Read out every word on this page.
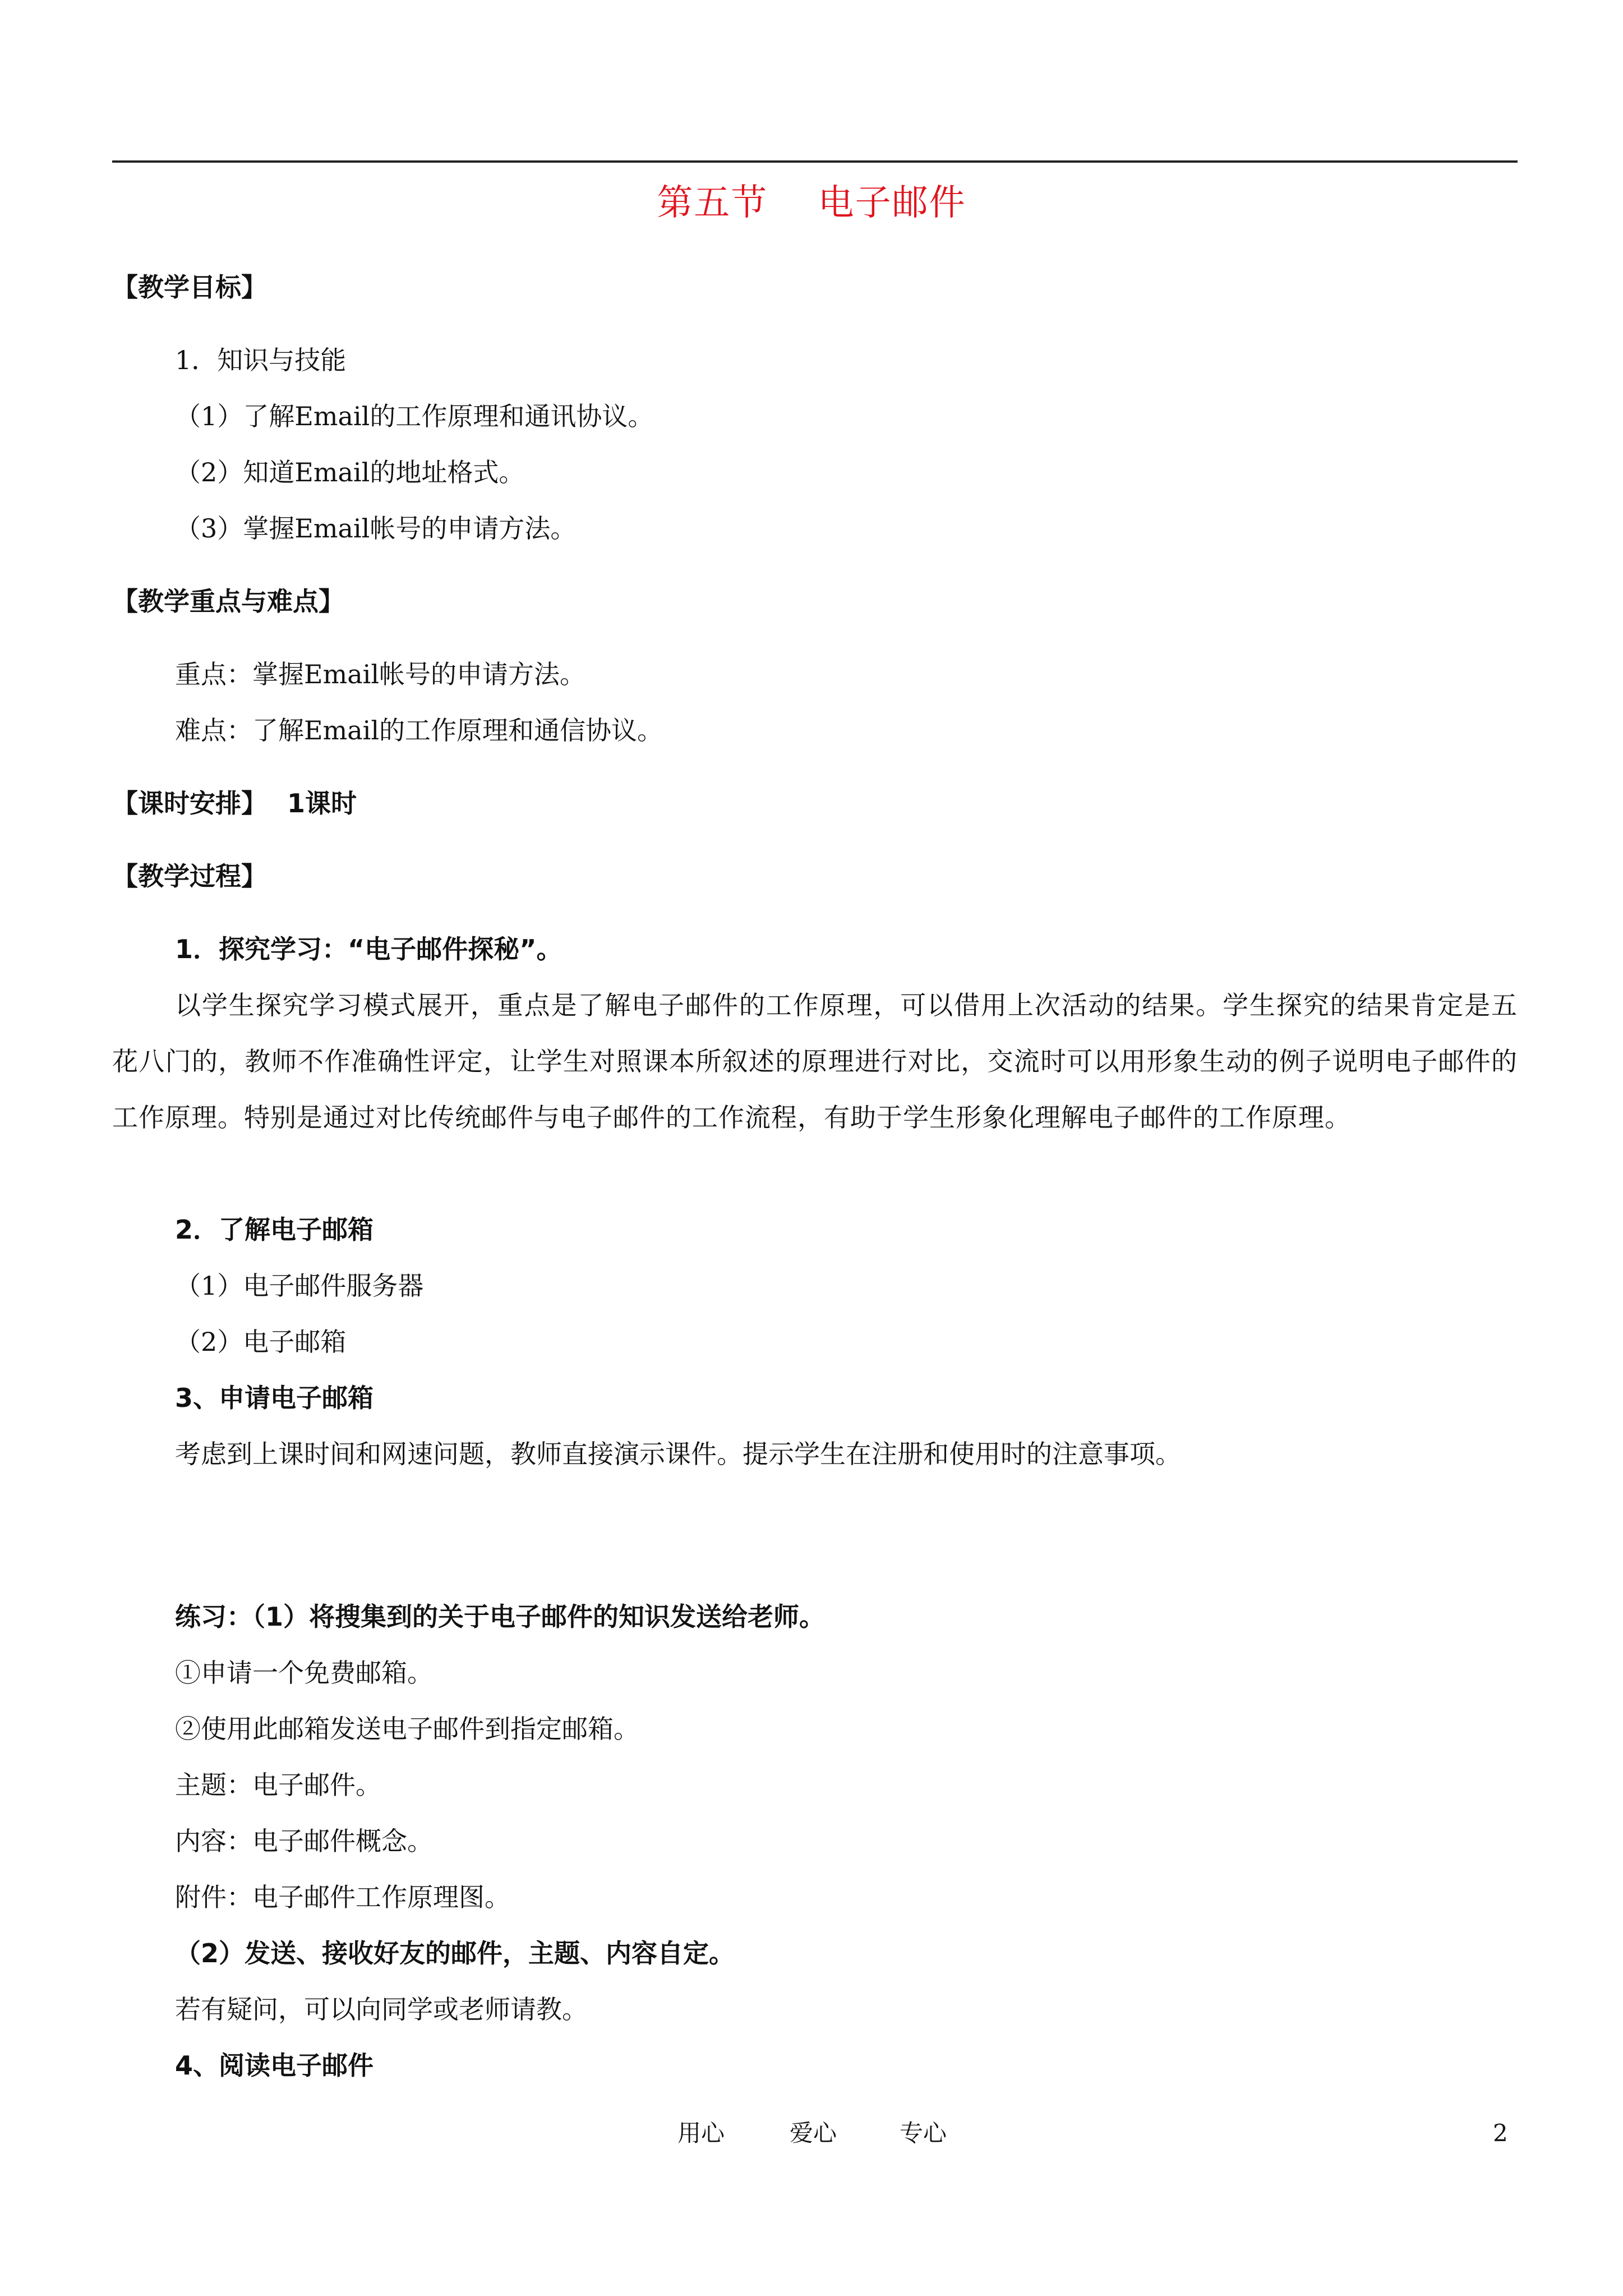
第五节    电子邮件
【教学目标】
1．知识与技能
（1）了解Email的工作原理和通讯协议。
（2）知道Email的地址格式。
（3）掌握Email帐号的申请方法。
【教学重点与难点】
重点：掌握Email帐号的申请方法。
难点：了解Email的工作原理和通信协议。
【课时安排】 1课时
【教学过程】
1．探究学习：“电子邮件探秘”。
以学生探究学习模式展开，重点是了解电子邮件的工作原理，可以借用上次活动的结果。学生探究的结果肯定是五花八门的，教师不作准确性评定，让学生对照课本所叙述的原理进行对比，交流时可以用形象生动的例子说明电子邮件的工作原理。特别是通过对比传统邮件与电子邮件的工作流程，有助于学生形象化理解电子邮件的工作原理。
2．了解电子邮箱
（1）电子邮件服务器
（2）电子邮箱
3、申请电子邮箱
考虑到上课时间和网速问题，教师直接演示课件。提示学生在注册和使用时的注意事项。
练习：（1）将搜集到的关于电子邮件的知识发送给老师。
①申请一个免费邮箱。
②使用此邮箱发送电子邮件到指定邮箱。
主题：电子邮件。
内容：电子邮件概念。
附件：电子邮件工作原理图。
（2）发送、接收好友的邮件，主题、内容自定。
若有疑问，可以向同学或老师请教。
4、阅读电子邮件
用心	爱心	专心	2
